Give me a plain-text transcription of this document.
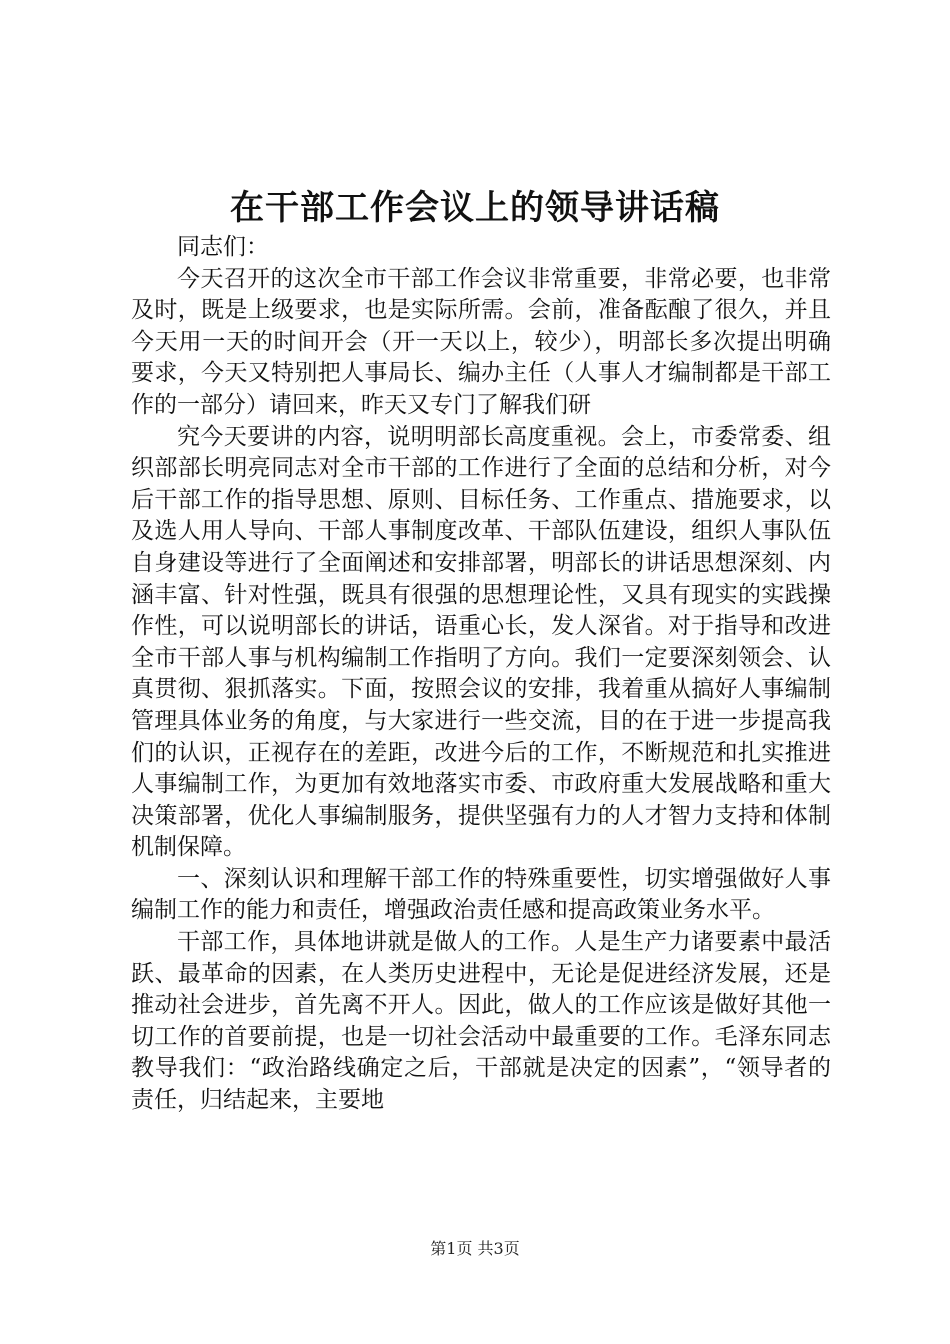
在干部工作会议上的领导讲话稿

同志们：

今天召开的这次全市干部工作会议非常重要，非常必要，也非常及时，既是上级要求，也是实际所需。会前，准备酝酿了很久，并且今天用一天的时间开会（开一天以上，较少），明部长多次提出明确要求，今天又特别把人事局长、编办主任（人事人才编制都是干部工作的一部分）请回来，昨天又专门了解我们研

究今天要讲的内容，说明明部长高度重视。会上，市委常委、组织部部长明亮同志对全市干部的工作进行了全面的总结和分析，对今后干部工作的指导思想、原则、目标任务、工作重点、措施要求，以及选人用人导向、干部人事制度改革、干部队伍建设，组织人事队伍自身建设等进行了全面阐述和安排部署，明部长的讲话思想深刻、内涵丰富、针对性强，既具有很强的思想理论性，又具有现实的实践操作性，可以说明部长的讲话，语重心长，发人深省。对于指导和改进全市干部人事与机构编制工作指明了方向。我们一定要深刻领会、认真贯彻、狠抓落实。下面，按照会议的安排，我着重从搞好人事编制管理具体业务的角度，与大家进行一些交流，目的在于进一步提高我们的认识，正视存在的差距，改进今后的工作，不断规范和扎实推进人事编制工作，为更加有效地落实市委、市政府重大发展战略和重大决策部署，优化人事编制服务，提供坚强有力的人才智力支持和体制机制保障。

一、深刻认识和理解干部工作的特殊重要性，切实增强做好人事编制工作的能力和责任，增强政治责任感和提高政策业务水平。

干部工作，具体地讲就是做人的工作。人是生产力诸要素中最活跃、最革命的因素，在人类历史进程中，无论是促进经济发展，还是推动社会进步，首先离不开人。因此，做人的工作应该是做好其他一切工作的首要前提，也是一切社会活动中最重要的工作。毛泽东同志教导我们：“政治路线确定之后，干部就是决定的因素”，“领导者的责任，归结起来，主要地

第1页 共3页
